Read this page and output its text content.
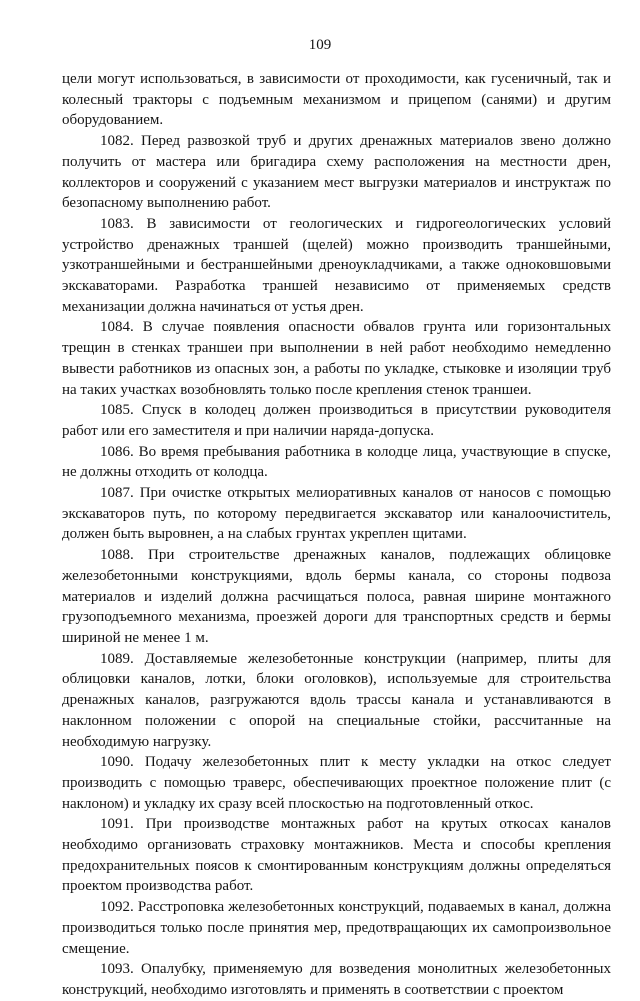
109

цели могут использоваться, в зависимости от проходимости, как гусеничный, так и колесный тракторы с подъемным механизмом и прицепом (санями) и другим оборудованием.

1082. Перед развозкой труб и других дренажных материалов звено должно получить от мастера или бригадира схему расположения на местности дрен, коллекторов и сооружений с указанием мест выгрузки материалов и инструктаж по безопасному выполнению работ.

1083. В зависимости от геологических и гидрогеологических условий устройство дренажных траншей (щелей) можно производить траншейными, узкотраншейными и бестраншейными дреноукладчиками, а также одноковшовыми экскаваторами. Разработка траншей независимо от применяемых средств механизации должна начинаться от устья дрен.

1084. В случае появления опасности обвалов грунта или горизонтальных трещин в стенках траншеи при выполнении в ней работ необходимо немедленно вывести работников из опасных зон, а работы по укладке, стыковке и изоляции труб на таких участках возобновлять только после крепления стенок траншеи.

1085. Спуск в колодец должен производиться в присутствии руководителя работ или его заместителя и при наличии наряда-допуска.

1086. Во время пребывания работника в колодце лица, участвующие в спуске, не должны отходить от колодца.

1087. При очистке открытых мелиоративных каналов от наносов с помощью экскаваторов путь, по которому передвигается экскаватор или каналоочиститель, должен быть выровнен, а на слабых грунтах укреплен щитами.

1088. При строительстве дренажных каналов, подлежащих облицовке железобетонными конструкциями, вдоль бермы канала, со стороны подвоза материалов и изделий должна расчищаться полоса, равная ширине монтажного грузоподъемного механизма, проезжей дороги для транспортных средств и бермы шириной не менее 1 м.

1089. Доставляемые железобетонные конструкции (например, плиты для облицовки каналов, лотки, блоки оголовков), используемые для строительства дренажных каналов, разгружаются вдоль трассы канала и устанавливаются в наклонном положении с опорой на специальные стойки, рассчитанные на необходимую нагрузку.

1090. Подачу железобетонных плит к месту укладки на откос следует производить с помощью траверс, обеспечивающих проектное положение плит (с наклоном) и укладку их сразу всей плоскостью на подготовленный откос.

1091. При производстве монтажных работ на крутых откосах каналов необходимо организовать страховку монтажников. Места и способы крепления предохранительных поясов к смонтированным конструкциям должны определяться проектом производства работ.

1092. Расстроповка железобетонных конструкций, подаваемых в канал, должна производиться только после принятия мер, предотвращающих их самопроизвольное смещение.

1093. Опалубку, применяемую для возведения монолитных железобетонных конструкций, необходимо изготовлять и применять в соответствии с проектом
